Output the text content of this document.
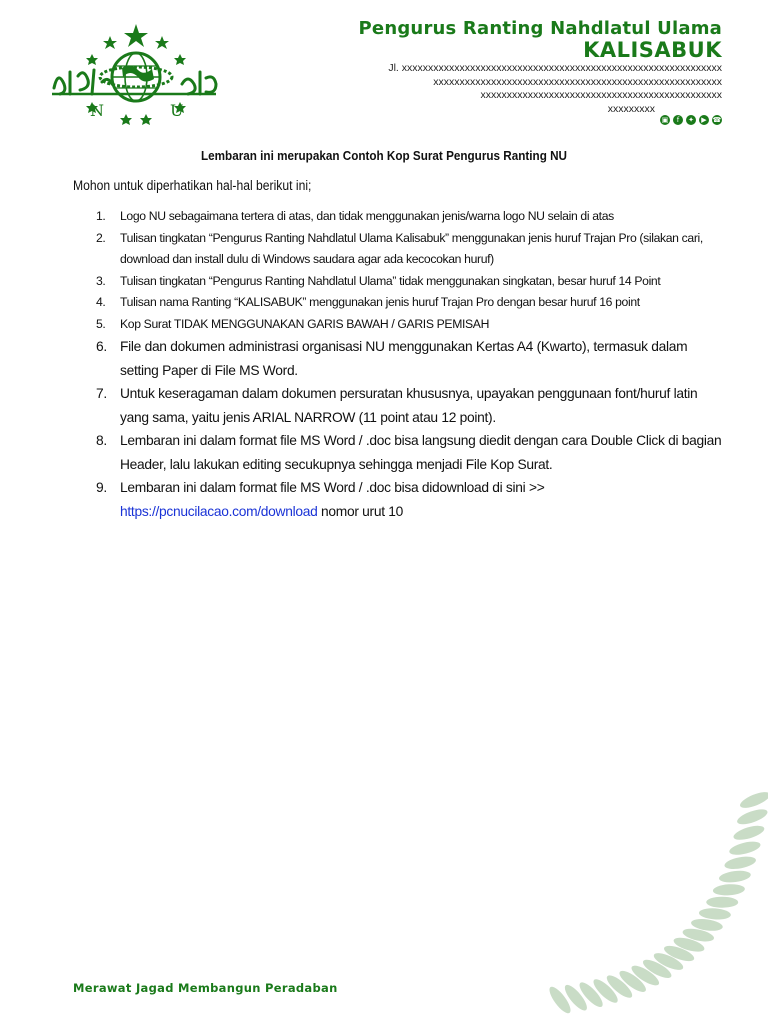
N	U
Pengurus Ranting Nahdlatul Ulama
KALISABUK
Jl. xxxxxxxxxxxxxxxxxxxxxxxxxxxxxxxxxxxxxxxxxxxxxxxxxxxxxxxxxxxxx
xxxxxxxxxxxxxxxxxxxxxxxxxxxxxxxxxxxxxxxxxxxxxxxxxxxxxxx
xxxxxxxxxxxxxxxxxxxxxxxxxxxxxxxxxxxxxxxxxxxxxx
xxxxxxxxx
▣	f	✦	▶ ☎
Lembaran ini merupakan Contoh Kop Surat Pengurus Ranting NU
Mohon untuk diperhatikan hal-hal berikut ini;
1. Logo NU sebagaimana tertera di atas, dan tidak menggunakan jenis/warna logo NU selain di atas
2. Tulisan tingkatan “Pengurus Ranting Nahdlatul Ulama Kalisabuk” menggunakan jenis huruf Trajan Pro (silakan cari, download dan install dulu di Windows saudara agar ada kecocokan huruf)
3. Tulisan tingkatan “Pengurus Ranting Nahdlatul Ulama” tidak menggunakan singkatan, besar huruf 14 Point
4. Tulisan nama Ranting “KALISABUK” menggunakan jenis huruf Trajan Pro dengan besar huruf 16 point
5. Kop Surat TIDAK MENGGUNAKAN GARIS BAWAH / GARIS PEMISAH
6. File dan dokumen administrasi organisasi NU menggunakan Kertas A4 (Kwarto), termasuk dalam setting Paper di File MS Word.
7. Untuk keseragaman dalam dokumen persuratan khususnya, upayakan penggunaan font/huruf latin yang sama, yaitu jenis ARIAL NARROW (11 point atau 12 point).
8. Lembaran ini dalam format file MS Word / .doc bisa langsung diedit dengan cara Double Click di bagian Header, lalu lakukan editing secukupnya sehingga menjadi File Kop Surat.
9. Lembaran ini dalam format file MS Word / .doc bisa didownload di sini >>
https://pcnucilacao.com/download nomor urut 10
Merawat Jagad Membangun Peradaban
